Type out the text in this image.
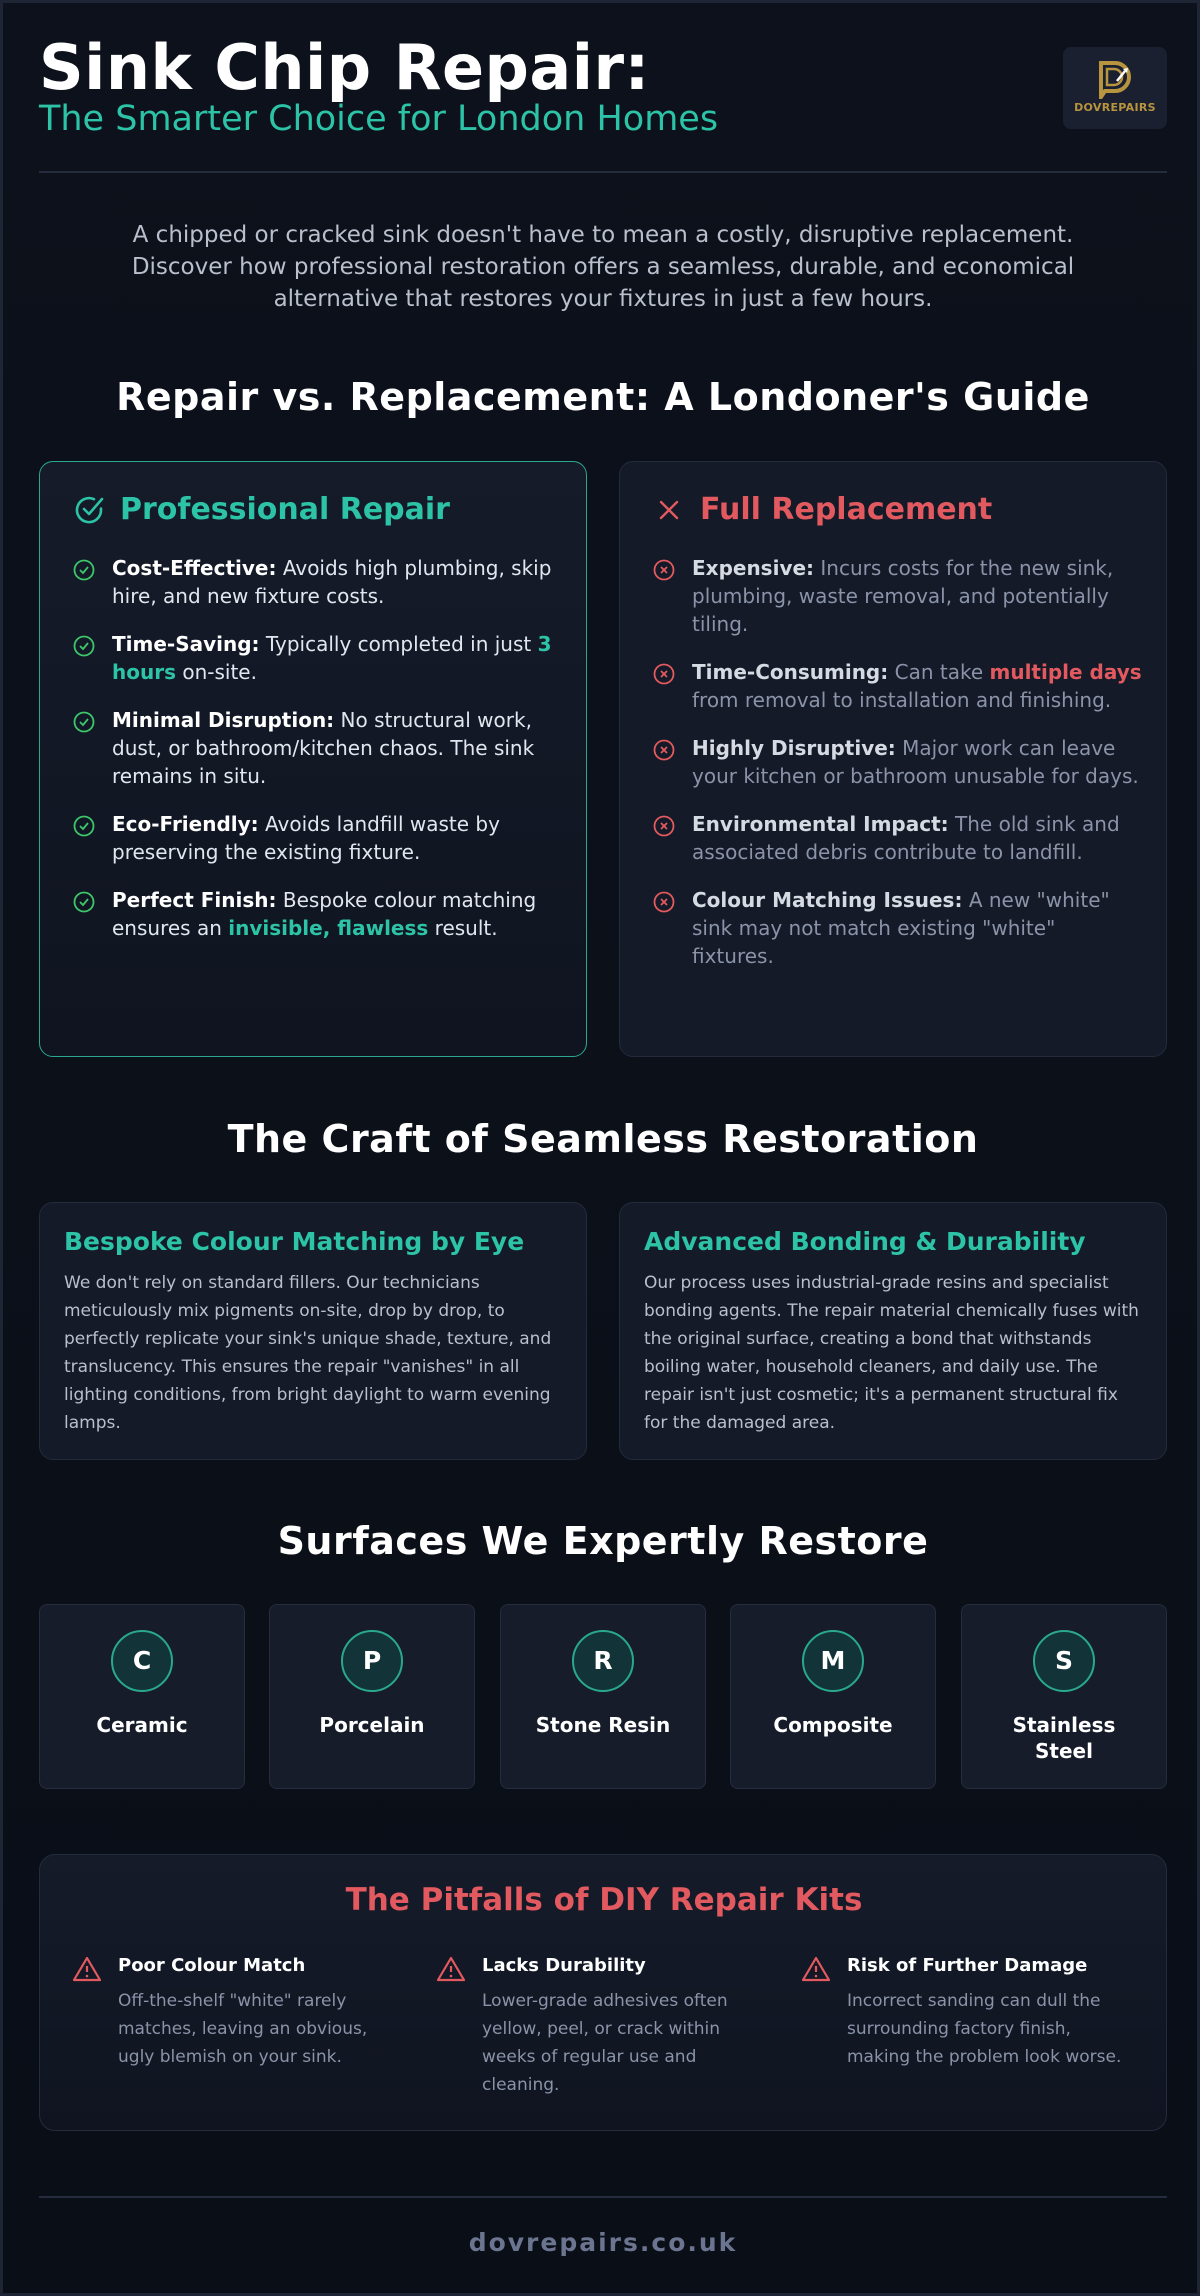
Sink Chip Repair:
The Smarter Choice for London Homes	DOVREPAIRS
A chipped or cracked sink doesn't have to mean a costly, disruptive replacement. Discover how professional restoration offers a seamless, durable, and economical alternative that restores your fixtures in just a few hours.
Repair vs. Replacement: A Londoner's Guide
Professional Repair
Cost-Effective: Avoids high plumbing, skip hire, and new fixture costs.
Time-Saving: Typically completed in just 3 hours on-site.
Minimal Disruption: No structural work, dust, or bathroom/kitchen chaos. The sink remains in situ.
Eco-Friendly: Avoids landfill waste by preserving the existing fixture.
Perfect Finish: Bespoke colour matching ensures an invisible, flawless result.
Full Replacement
Expensive: Incurs costs for the new sink, plumbing, waste removal, and potentially tiling.
Time-Consuming: Can take multiple days from removal to installation and finishing.
Highly Disruptive: Major work can leave your kitchen or bathroom unusable for days.
Environmental Impact: The old sink and associated debris contribute to landfill.
Colour Matching Issues: A new "white" sink may not match existing "white" fixtures.
The Craft of Seamless Restoration
Bespoke Colour Matching by Eye
We don't rely on standard fillers. Our technicians meticulously mix pigments on-site, drop by drop, to perfectly replicate your sink's unique shade, texture, and translucency. This ensures the repair "vanishes" in all lighting conditions, from bright daylight to warm evening lamps.
Advanced Bonding & Durability
Our process uses industrial-grade resins and specialist bonding agents. The repair material chemically fuses with the original surface, creating a bond that withstands boiling water, household cleaners, and daily use. The repair isn't just cosmetic; it's a permanent structural fix for the damaged area.
Surfaces We Expertly Restore
C
Ceramic
P
Porcelain
R
Stone Resin
M
Composite
S
Stainless Steel
The Pitfalls of DIY Repair Kits
Poor Colour Match
Off-the-shelf "white" rarely matches, leaving an obvious, ugly blemish on your sink.
Lacks Durability
Lower-grade adhesives often yellow, peel, or crack within weeks of regular use and cleaning.
Risk of Further Damage
Incorrect sanding can dull the surrounding factory finish, making the problem look worse.
dovrepairs.co.uk
